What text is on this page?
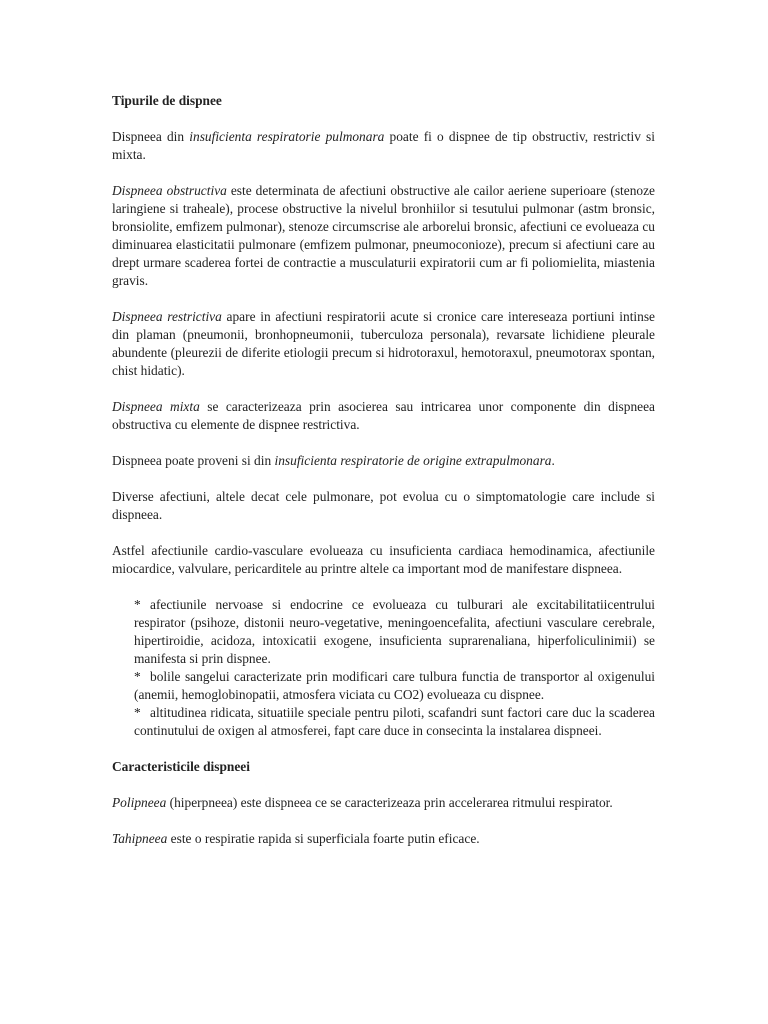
Tipurile de dispnee

Dispneea din insuficienta respiratorie pulmonara poate fi o dispnee de tip obstructiv, restrictiv si mixta.

Dispneea obstructiva este determinata de afectiuni obstructive ale cailor aeriene superioare (stenoze laringiene si traheale), procese obstructive la nivelul bronhiilor si tesutului pulmonar (astm bronsic, bronsiolite, emfizem pulmonar), stenoze circumscrise ale arborelui bronsic, afectiuni ce evolueaza cu diminuarea elasticitatii pulmonare (emfizem pulmonar, pneumoconioze), precum si afectiuni care au drept urmare scaderea fortei de contractie a musculaturii expiratorii cum ar fi poliomielita, miastenia gravis.

Dispneea restrictiva apare in afectiuni respiratorii acute si cronice care intereseaza portiuni intinse din plaman (pneumonii, bronhopneumonii, tuberculoza personala), revarsate lichidiene pleurale abundente (pleurezii de diferite etiologii precum si hidrotoraxul, hemotoraxul, pneumotorax spontan, chist hidatic).

Dispneea mixta se caracterizeaza prin asocierea sau intricarea unor componente din dispneea obstructiva cu elemente de dispnee restrictiva.

Dispneea poate proveni si din insuficienta respiratorie de origine extrapulmonara.

Diverse afectiuni, altele decat cele pulmonare, pot evolua cu o simptomatologie care include si dispneea.

Astfel afectiunile cardio-vasculare evolueaza cu insuficienta cardiaca hemodinamica, afectiunile miocardice, valvulare, pericarditele au printre altele ca important mod de manifestare dispneea.

* afectiunile nervoase si endocrine ce evolueaza cu tulburari ale excitabilitatiicentrului respirator (psihoze, distonii neuro-vegetative, meningoencefalita, afectiuni vasculare cerebrale, hipertiroidie, acidoza, intoxicatii exogene, insuficienta suprarenaliana, hiperfoliculinimii) se manifesta si prin dispnee.
* bolile sangelui caracterizate prin modificari care tulbura functia de transportor al oxigenului (anemii, hemoglobinopatii, atmosfera viciata cu CO2) evolueaza cu dispnee.
* altitudinea ridicata, situatiile speciale pentru piloti, scafandri sunt factori care duc la scaderea continutului de oxigen al atmosferei, fapt care duce in consecinta la instalarea dispneei.
Caracteristicile dispneei

Polipneea (hiperpneea) este dispneea ce se caracterizeaza prin accelerarea ritmului respirator.

Tahipneea este o respiratie rapida si superficiala foarte putin eficace.
